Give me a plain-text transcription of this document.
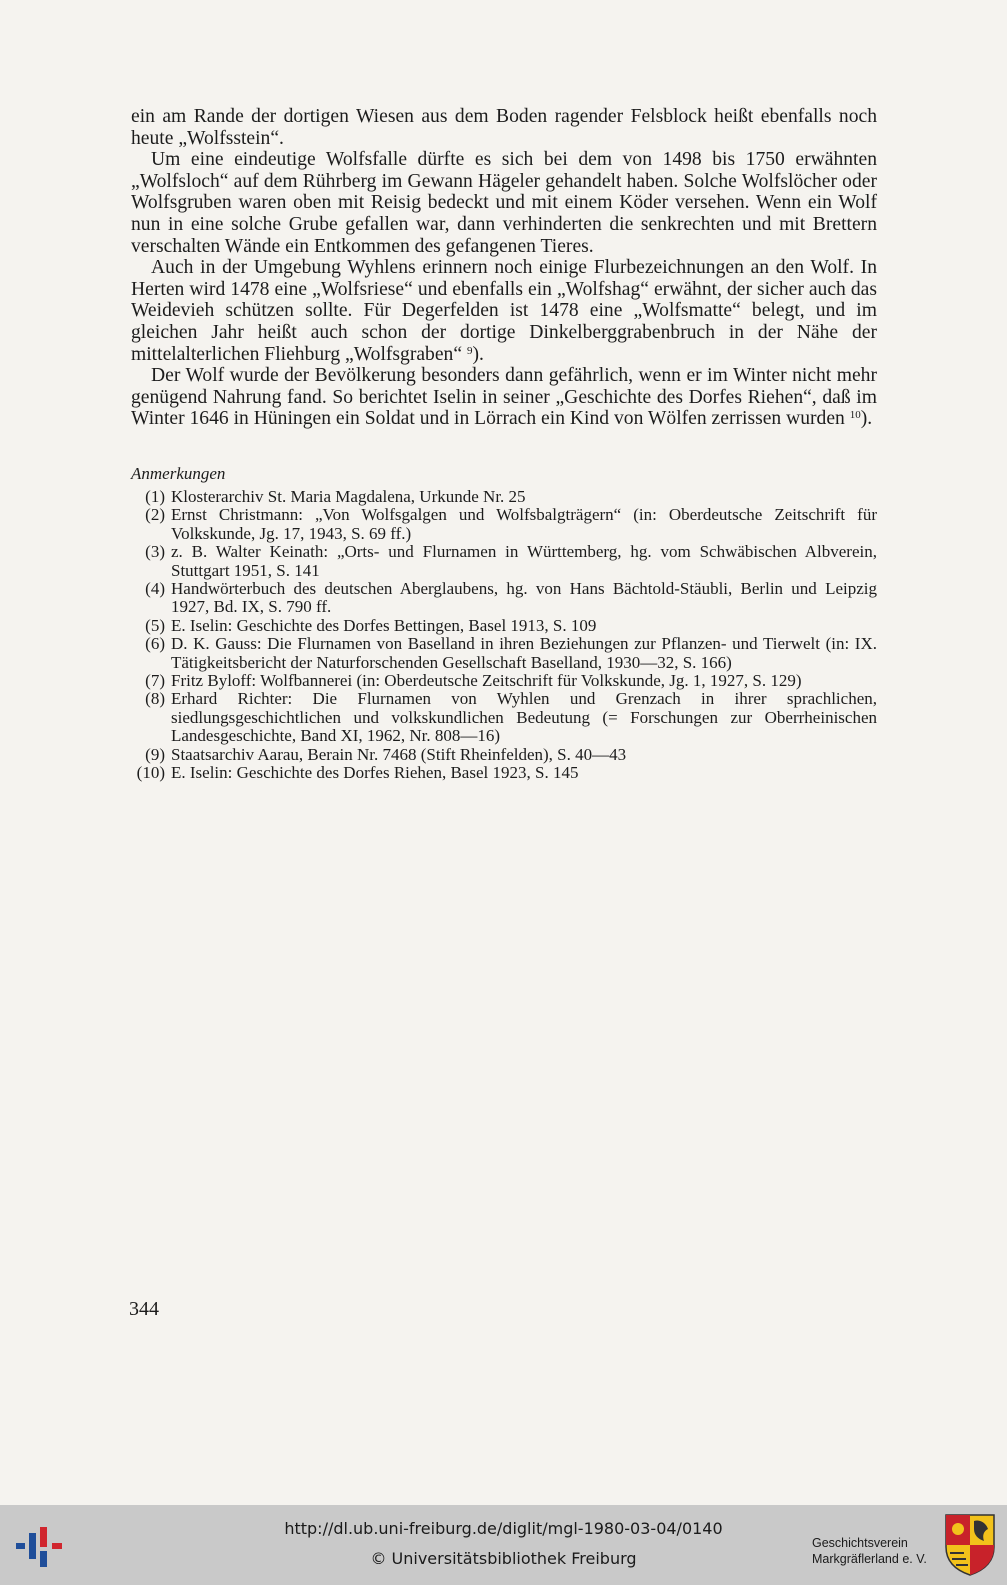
ein am Rande der dortigen Wiesen aus dem Boden ragender Felsblock heißt ebenfalls noch heute „Wolfsstein“.

Um eine eindeutige Wolfsfalle dürfte es sich bei dem von 1498 bis 1750 erwähnten „Wolfsloch“ auf dem Rührberg im Gewann Hägeler gehandelt haben. Solche Wolfslöcher oder Wolfsgruben waren oben mit Reisig bedeckt und mit einem Köder versehen. Wenn ein Wolf nun in eine solche Grube gefallen war, dann verhinderten die senkrechten und mit Brettern verschalten Wände ein Entkommen des gefangenen Tieres.

Auch in der Umgebung Wyhlens erinnern noch einige Flurbezeichnungen an den Wolf. In Herten wird 1478 eine „Wolfsriese“ und ebenfalls ein „Wolfshag“ erwähnt, der sicher auch das Weidevieh schützen sollte. Für Degerfelden ist 1478 eine „Wolfsmatte“ belegt, und im gleichen Jahr heißt auch schon der dortige Dinkelberggrabenbruch in der Nähe der mittelalterlichen Fliehburg „Wolfsgraben“ $^9$).

Der Wolf wurde der Bevölkerung besonders dann gefährlich, wenn er im Winter nicht mehr genügend Nahrung fand. So berichtet Iselin in seiner „Geschichte des Dorfes Riehen“, daß im Winter 1646 in Hüningen ein Soldat und in Lörrach ein Kind von Wölfen zerrissen wurden $^{10}$).

Anmerkungen
(1) Klosterarchiv St. Maria Magdalena, Urkunde Nr. 25
(2) Ernst Christmann: „Von Wolfsgalgen und Wolfsbalgträgern“ (in: Oberdeutsche Zeitschrift für Volkskunde, Jg. 17, 1943, S. 69 ff.)
(3) z. B. Walter Keinath: „Orts- und Flurnamen in Württemberg, hg. vom Schwäbischen Albverein, Stuttgart 1951, S. 141
(4) Handwörterbuch des deutschen Aberglaubens, hg. von Hans Bächtold-Stäubli, Berlin und Leipzig 1927, Bd. IX, S. 790 ff.
(5) E. Iselin: Geschichte des Dorfes Bettingen, Basel 1913, S. 109
(6) D. K. Gauss: Die Flurnamen von Baselland in ihren Beziehungen zur Pflanzen- und Tierwelt (in: IX. Tätigkeitsbericht der Naturforschenden Gesellschaft Baselland, 1930—32, S. 166)
(7) Fritz Byloff: Wolfbannerei (in: Oberdeutsche Zeitschrift für Volkskunde, Jg. 1, 1927, S. 129)
(8) Erhard Richter: Die Flurnamen von Wyhlen und Grenzach in ihrer sprachlichen, siedlungsgeschichtlichen und volkskundlichen Bedeutung (= Forschungen zur Oberrheinischen Landesgeschichte, Band XI, 1962, Nr. 808—16)
(9) Staatsarchiv Aarau, Berain Nr. 7468 (Stift Rheinfelden), S. 40—43
(10) E. Iselin: Geschichte des Dorfes Riehen, Basel 1923, S. 145
344
http://dl.ub.uni-freiburg.de/diglit/mgl-1980-03-04/0140
© Universitätsbibliothek Freiburg
Geschichtsverein
Markgräflerland e. V.
